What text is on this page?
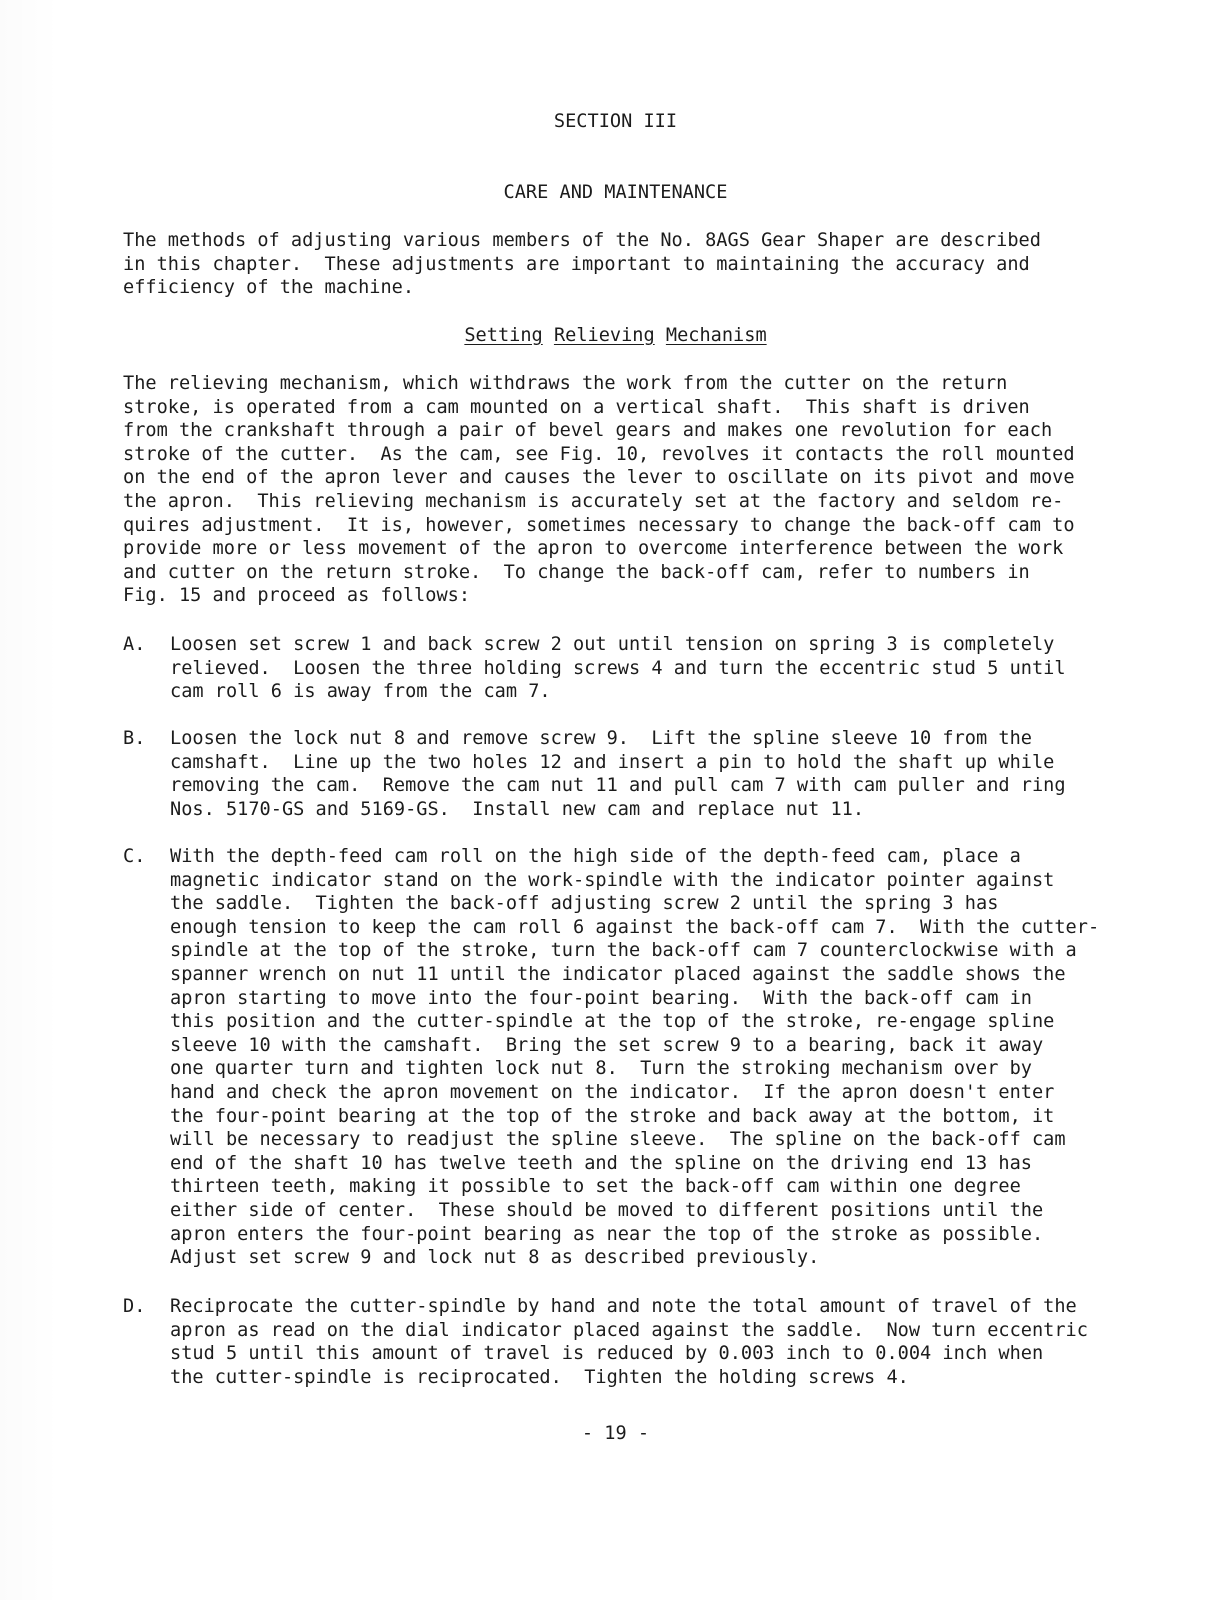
SECTION III
CARE AND MAINTENANCE
The methods of adjusting various members of the No. 8AGS Gear Shaper are described
in this chapter.  These adjustments are important to maintaining the accuracy and
efficiency of the machine.
Setting Relieving Mechanism
The relieving mechanism, which withdraws the work from the cutter on the return
stroke, is operated from a cam mounted on a vertical shaft.  This shaft is driven
from the crankshaft through a pair of bevel gears and makes one revolution for each
stroke of the cutter.  As the cam, see Fig. 10, revolves it contacts the roll mounted
on the end of the apron lever and causes the lever to oscillate on its pivot and move
the apron.  This relieving mechanism is accurately set at the factory and seldom re-
quires adjustment.  It is, however, sometimes necessary to change the back-off cam to
provide more or less movement of the apron to overcome interference between the work
and cutter on the return stroke.  To change the back-off cam, refer to numbers in
Fig. 15 and proceed as follows:
A. Loosen set screw 1 and back screw 2 out until tension on spring 3 is completely
relieved.  Loosen the three holding screws 4 and turn the eccentric stud 5 until
cam roll 6 is away from the cam 7.
B. Loosen the lock nut 8 and remove screw 9.  Lift the spline sleeve 10 from the
camshaft.  Line up the two holes 12 and insert a pin to hold the shaft up while
removing the cam.  Remove the cam nut 11 and pull cam 7 with cam puller and ring
Nos. 5170-GS and 5169-GS.  Install new cam and replace nut 11.
C. With the depth-feed cam roll on the high side of the depth-feed cam, place a
magnetic indicator stand on the work-spindle with the indicator pointer against
the saddle.  Tighten the back-off adjusting screw 2 until the spring 3 has
enough tension to keep the cam roll 6 against the back-off cam 7.  With the cutter-
spindle at the top of the stroke, turn the back-off cam 7 counterclockwise with a
spanner wrench on nut 11 until the indicator placed against the saddle shows the
apron starting to move into the four-point bearing.  With the back-off cam in
this position and the cutter-spindle at the top of the stroke, re-engage spline
sleeve 10 with the camshaft.  Bring the set screw 9 to a bearing, back it away
one quarter turn and tighten lock nut 8.  Turn the stroking mechanism over by
hand and check the apron movement on the indicator.  If the apron doesn't enter
the four-point bearing at the top of the stroke and back away at the bottom, it
will be necessary to readjust the spline sleeve.  The spline on the back-off cam
end of the shaft 10 has twelve teeth and the spline on the driving end 13 has
thirteen teeth, making it possible to set the back-off cam within one degree
either side of center.  These should be moved to different positions until the
apron enters the four-point bearing as near the top of the stroke as possible.
Adjust set screw 9 and lock nut 8 as described previously.
D. Reciprocate the cutter-spindle by hand and note the total amount of travel of the
apron as read on the dial indicator placed against the saddle.  Now turn eccentric
stud 5 until this amount of travel is reduced by 0.003 inch to 0.004 inch when
the cutter-spindle is reciprocated.  Tighten the holding screws 4.
- 19 -
